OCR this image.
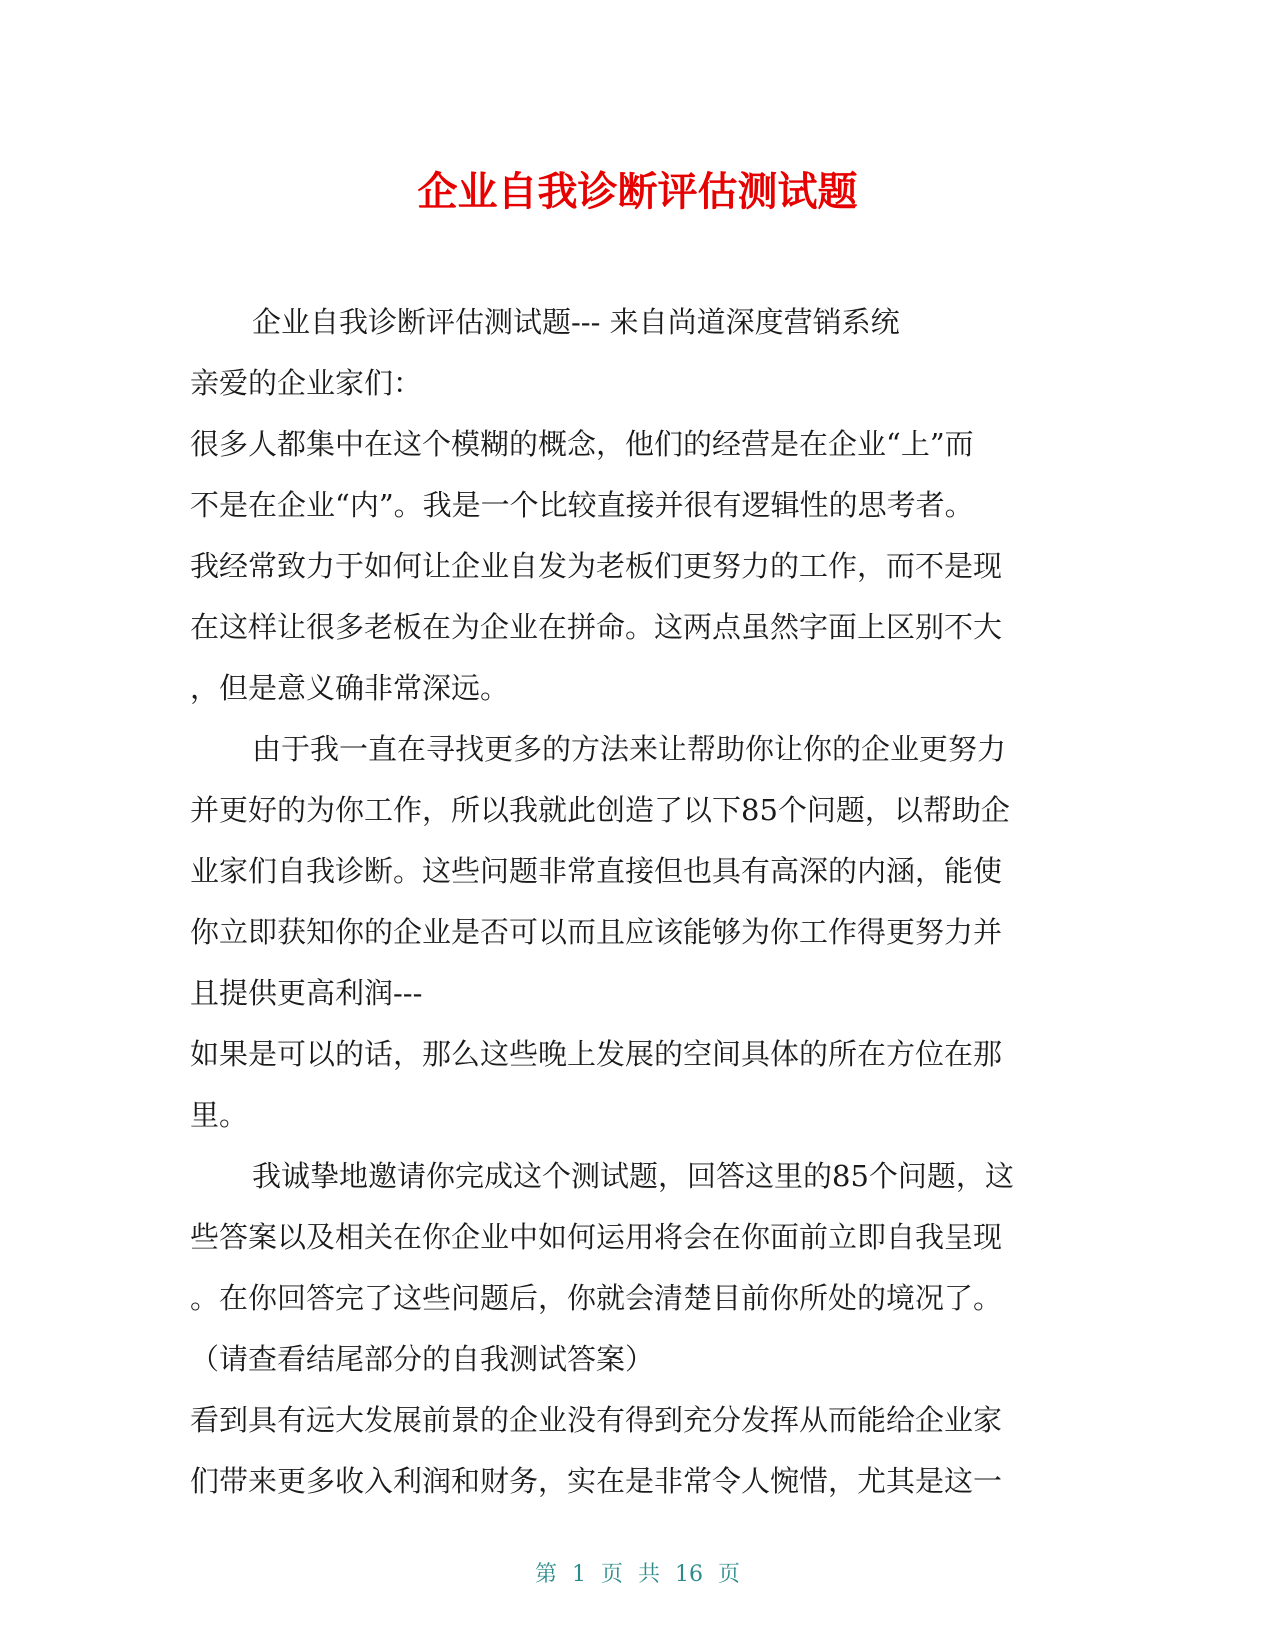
企业自我诊断评估测试题
企业自我诊断评估测试题--- 来自尚道深度营销系统
亲爱的企业家们：
很多人都集中在这个模糊的概念，他们的经营是在企业“上”而
不是在企业“内”。我是一个比较直接并很有逻辑性的思考者。
我经常致力于如何让企业自发为老板们更努力的工作，而不是现
在这样让很多老板在为企业在拼命。这两点虽然字面上区别不大
，但是意义确非常深远。
由于我一直在寻找更多的方法来让帮助你让你的企业更努力
并更好的为你工作，所以我就此创造了以下85个问题，以帮助企
业家们自我诊断。这些问题非常直接但也具有高深的内涵，能使
你立即获知你的企业是否可以而且应该能够为你工作得更努力并
且提供更高利润---
如果是可以的话，那么这些晚上发展的空间具体的所在方位在那
里。
我诚挚地邀请你完成这个测试题，回答这里的85个问题，这
些答案以及相关在你企业中如何运用将会在你面前立即自我呈现
。在你回答完了这些问题后，你就会清楚目前你所处的境况了。
（请查看结尾部分的自我测试答案）
看到具有远大发展前景的企业没有得到充分发挥从而能给企业家
们带来更多收入利润和财务，实在是非常令人惋惜，尤其是这一
第 1 页 共 16 页
